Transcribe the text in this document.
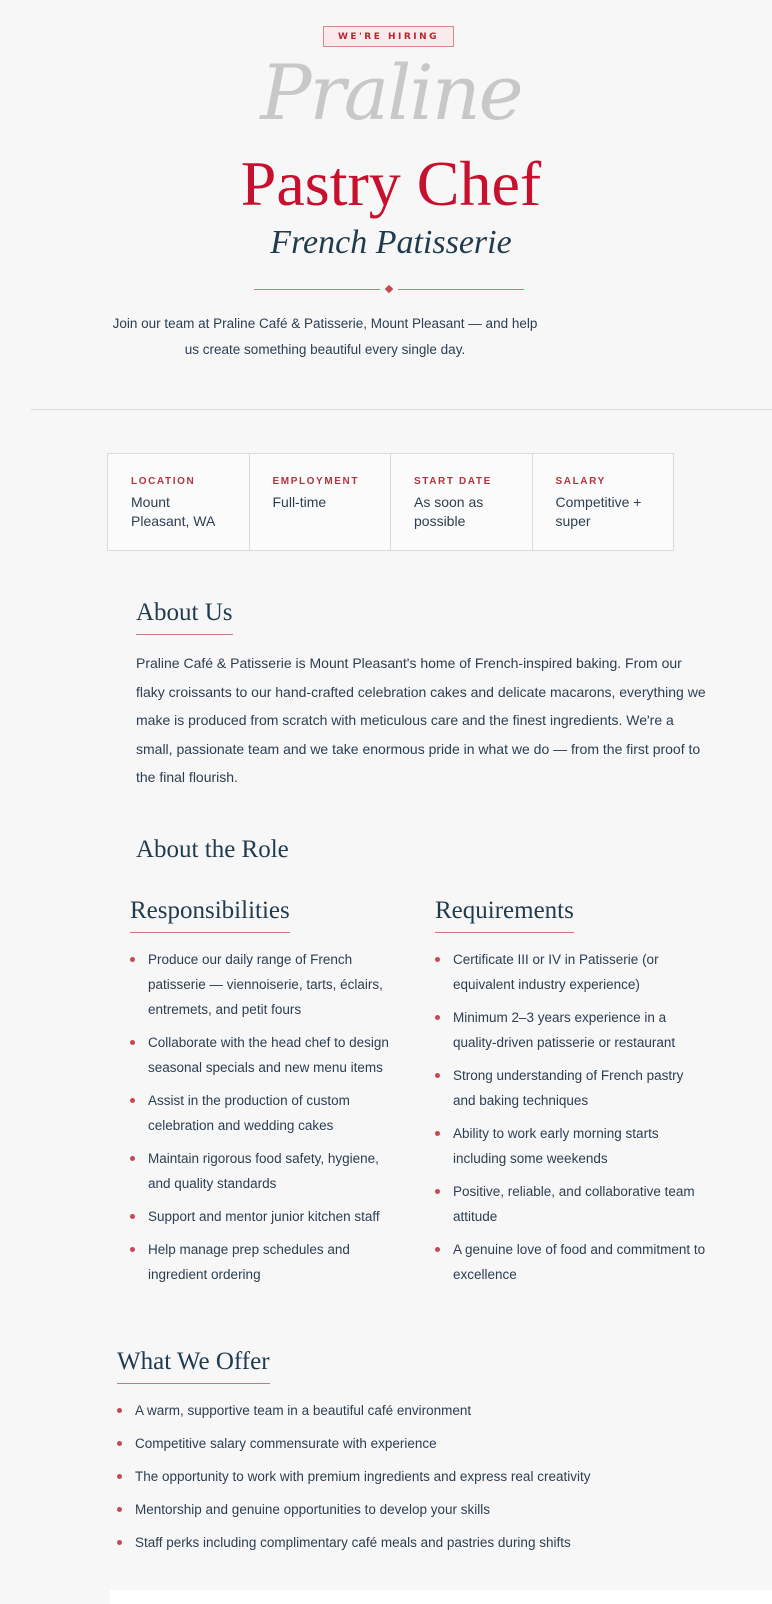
WE'RE HIRING
Praline
Pastry Chef
French Patisserie
Join our team at Praline Café & Patisserie, Mount Pleasant — and help us create something beautiful every single day.
LOCATION
Mount Pleasant, WA
EMPLOYMENT
Full-time
START DATE
As soon as possible
SALARY
Competitive + super
About Us
Praline Café & Patisserie is Mount Pleasant's home of French-inspired baking. From our flaky croissants to our hand-crafted celebration cakes and delicate macarons, everything we make is produced from scratch with meticulous care and the finest ingredients. We're a small, passionate team and we take enormous pride in what we do — from the first proof to the final flourish.
About the Role
Responsibilities
Produce our daily range of French patisserie — viennoiserie, tarts, éclairs, entremets, and petit fours
Collaborate with the head chef to design seasonal specials and new menu items
Assist in the production of custom celebration and wedding cakes
Maintain rigorous food safety, hygiene, and quality standards
Support and mentor junior kitchen staff
Help manage prep schedules and ingredient ordering
Requirements
Certificate III or IV in Patisserie (or equivalent industry experience)
Minimum 2–3 years experience in a quality-driven patisserie or restaurant
Strong understanding of French pastry and baking techniques
Ability to work early morning starts including some weekends
Positive, reliable, and collaborative team attitude
A genuine love of food and commitment to excellence
What We Offer
A warm, supportive team in a beautiful café environment
Competitive salary commensurate with experience
The opportunity to work with premium ingredients and express real creativity
Mentorship and genuine opportunities to develop your skills
Staff perks including complimentary café meals and pastries during shifts
